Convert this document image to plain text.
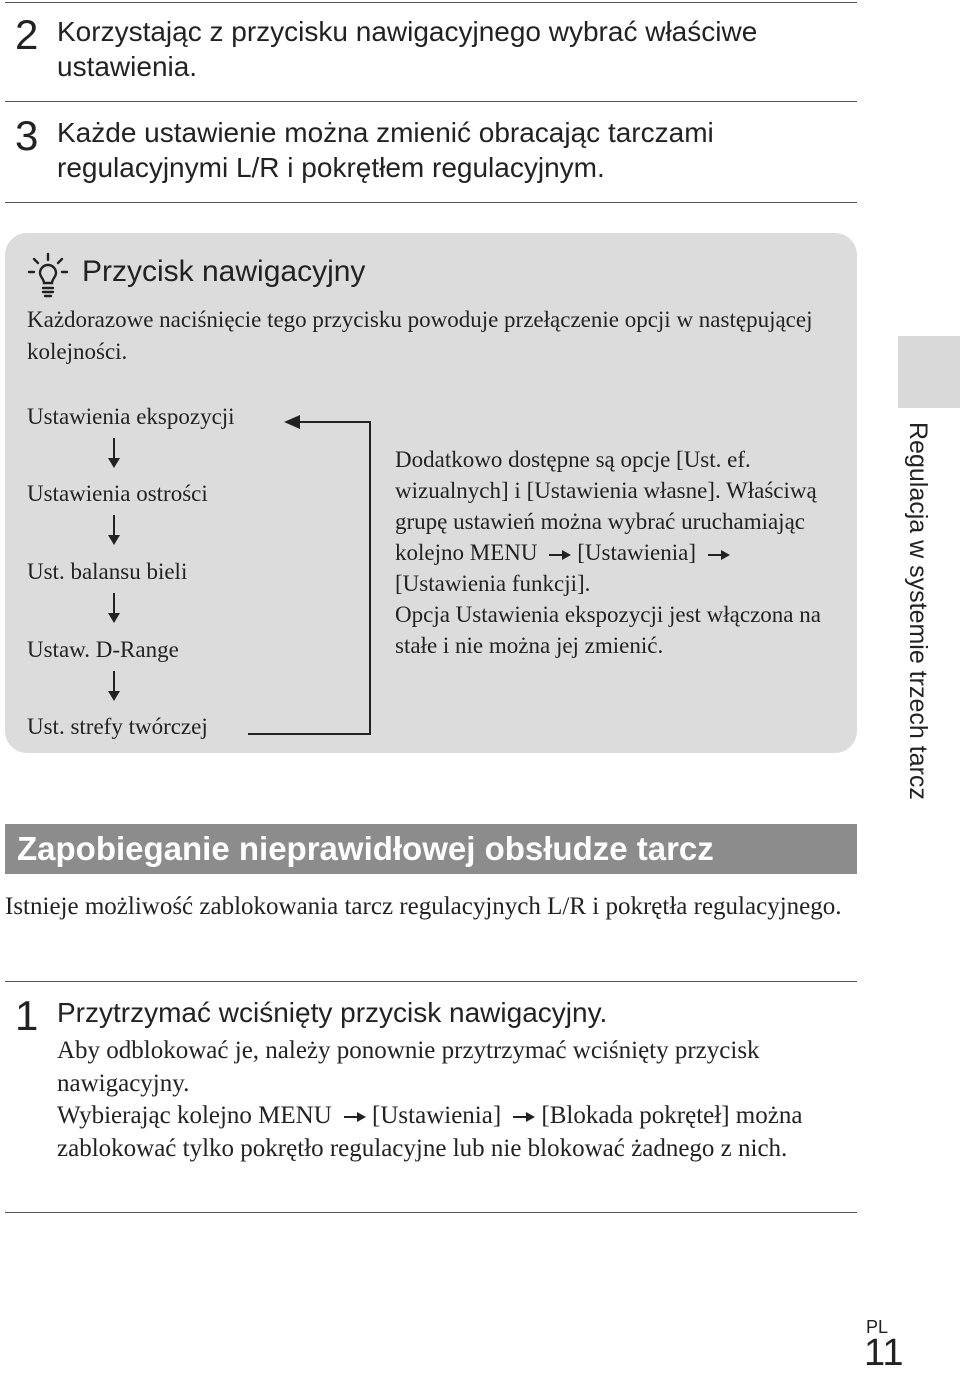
2 Korzystając z przycisku nawigacyjnego wybrać właściwe ustawienia.
3 Każde ustawienie można zmienić obracając tarczami regulacyjnymi L/R i pokrętłem regulacyjnym.
Przycisk nawigacyjny
Każdorazowe naciśnięcie tego przycisku powoduje przełączenie opcji w następującej kolejności.
Ustawienia ekspozycji
Ustawienia ostrości
Ust. balansu bieli
Ustaw. D-Range
Ust. strefy twórczej
Dodatkowo dostępne są opcje [Ust. ef. wizualnych] i [Ustawienia własne]. Właściwą grupę ustawień można wybrać uruchamiając kolejno MENU [Ustawienia] [Ustawienia funkcji].
Opcja Ustawienia ekspozycji jest włączona na stałe i nie można jej zmienić.
Zapobieganie nieprawidłowej obsłudze tarcz
Istnieje możliwość zablokowania tarcz regulacyjnych L/R i pokrętła regulacyjnego.
1 Przytrzymać wciśnięty przycisk nawigacyjny.
Aby odblokować je, należy ponownie przytrzymać wciśnięty przycisk nawigacyjny.
Wybierając kolejno MENU [Ustawienia] [Blokada pokręteł] można zablokować tylko pokrętło regulacyjne lub nie blokować żadnego z nich.
Regulacja w systemie trzech tarcz
PL
11
